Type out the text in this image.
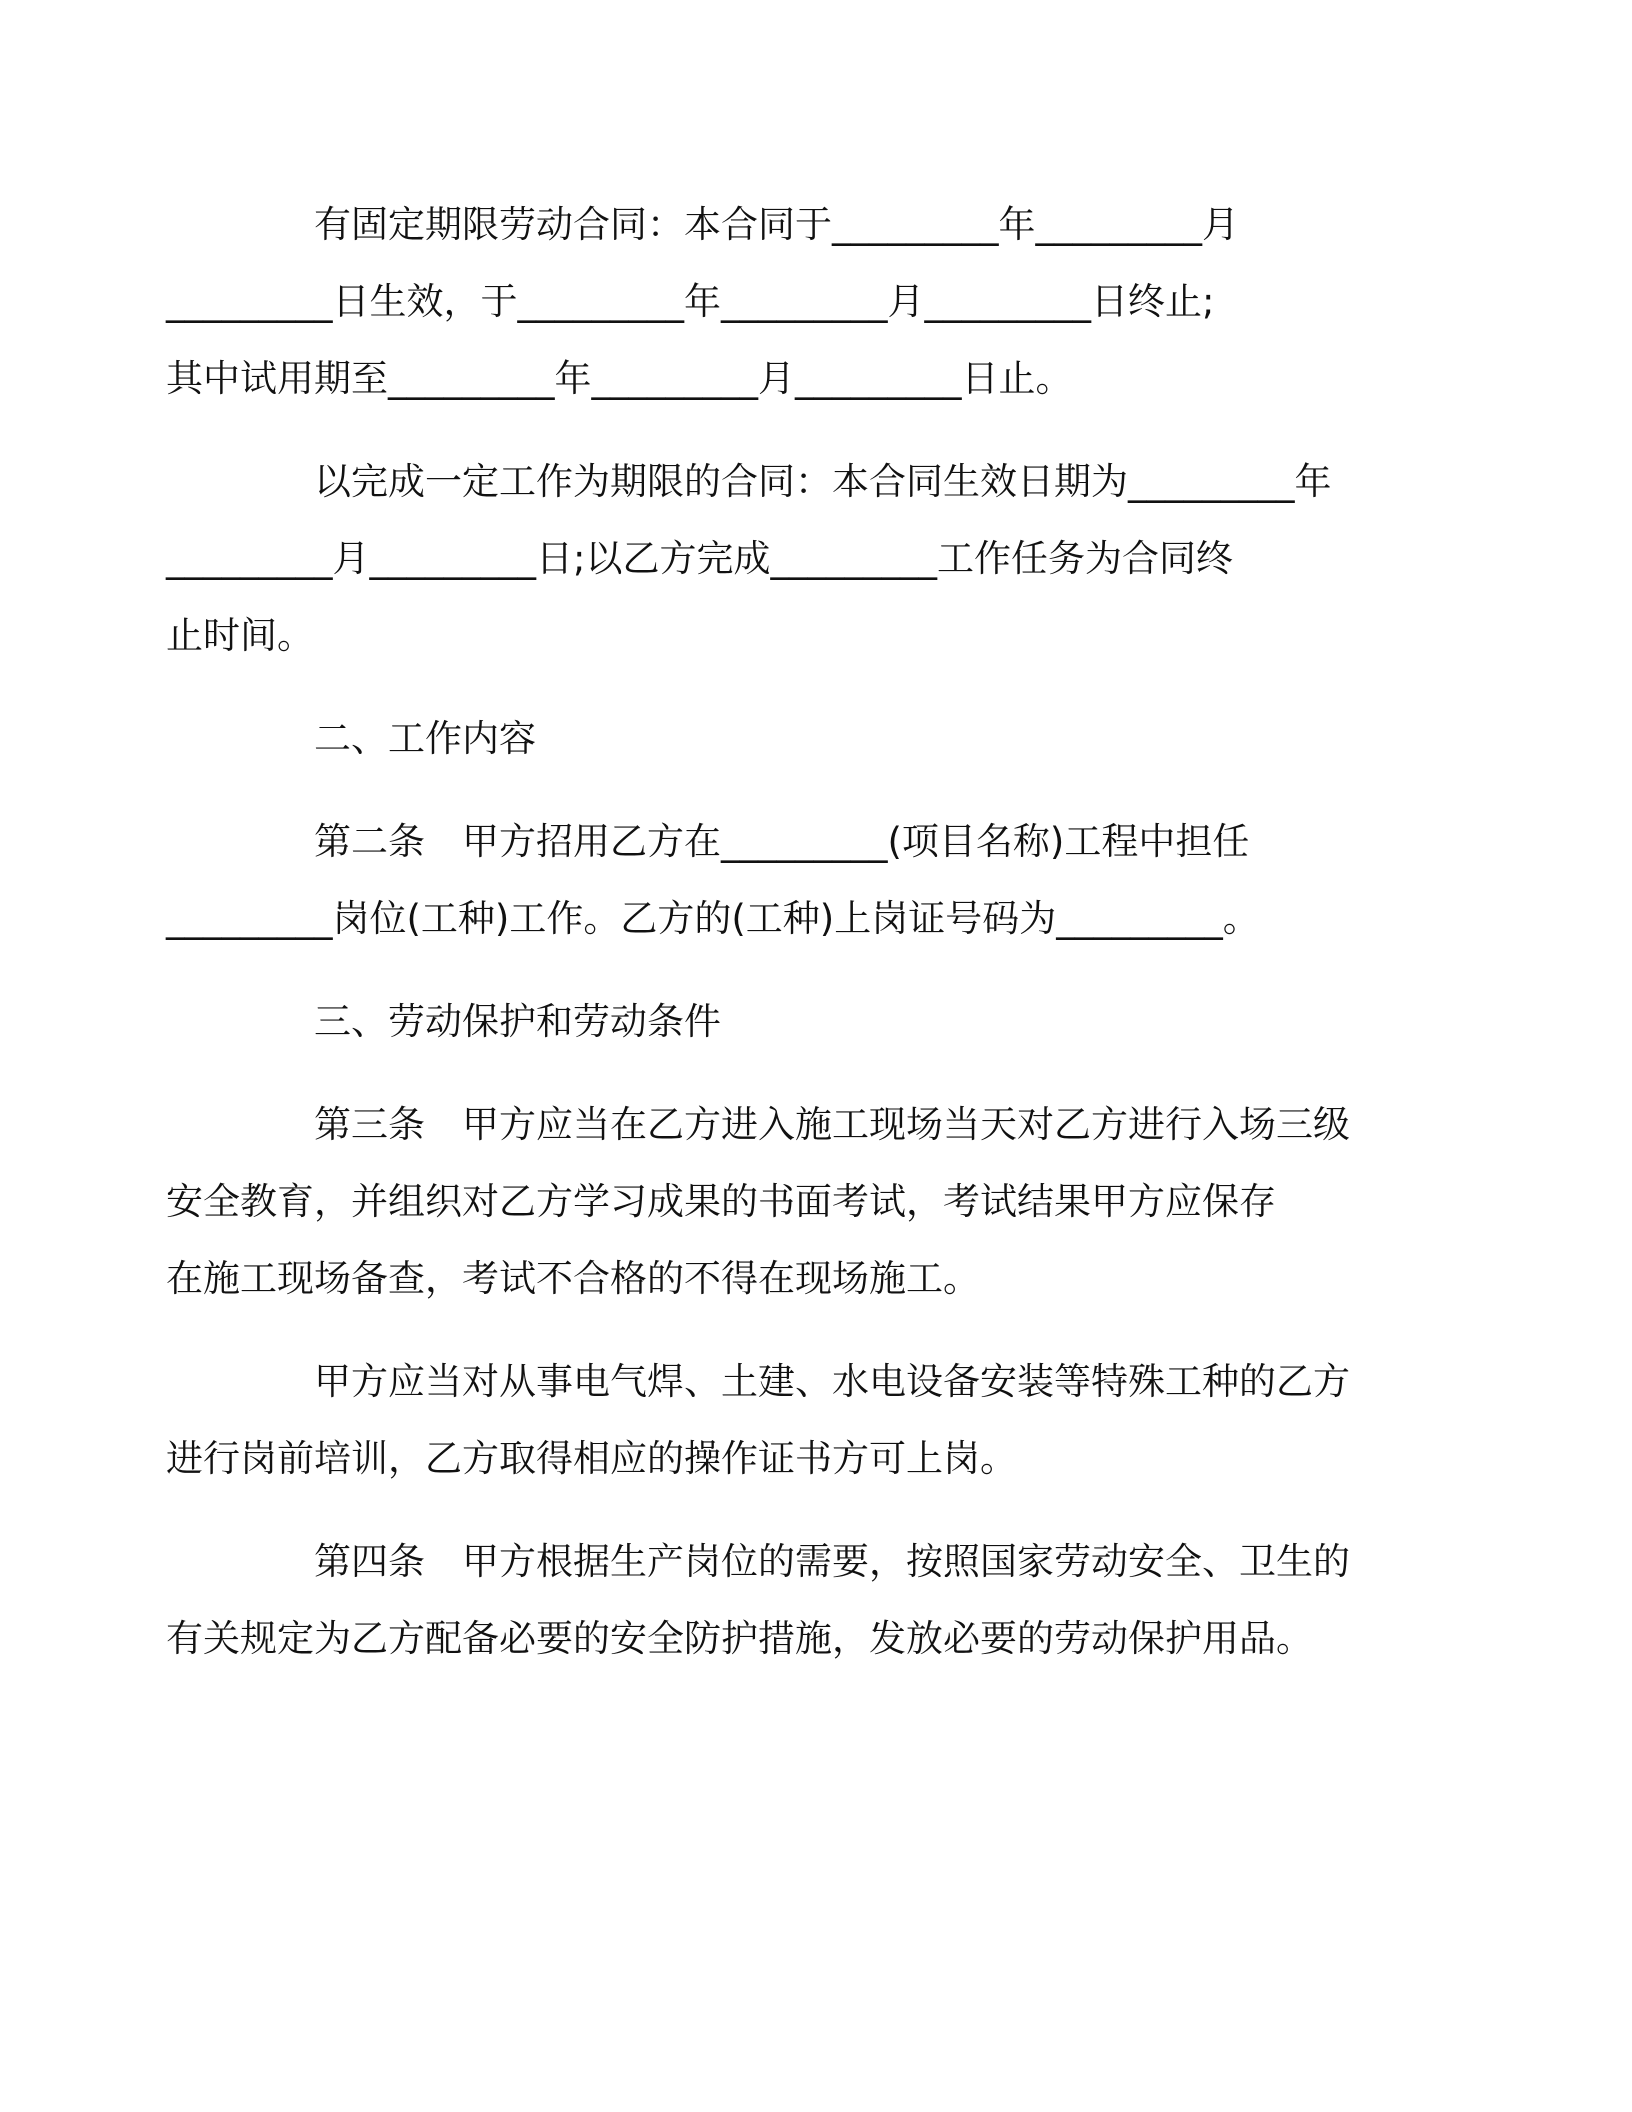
有固定期限劳动合同：本合同于_________年_________月
_________日生效，于_________年_________月_________日终止;
其中试用期至_________年_________月_________日止。
以完成一定工作为期限的合同：本合同生效日期为_________年
_________月_________日;以乙方完成_________工作任务为合同终
止时间。
二、工作内容
第二条　甲方招用乙方在_________(项目名称)工程中担任
_________岗位(工种)工作。乙方的(工种)上岗证号码为_________。
三、劳动保护和劳动条件
第三条　甲方应当在乙方进入施工现场当天对乙方进行入场三级
安全教育，并组织对乙方学习成果的书面考试，考试结果甲方应保存
在施工现场备查，考试不合格的不得在现场施工。
甲方应当对从事电气焊、土建、水电设备安装等特殊工种的乙方
进行岗前培训，乙方取得相应的操作证书方可上岗。
第四条　甲方根据生产岗位的需要，按照国家劳动安全、卫生的
有关规定为乙方配备必要的安全防护措施，发放必要的劳动保护用品。
